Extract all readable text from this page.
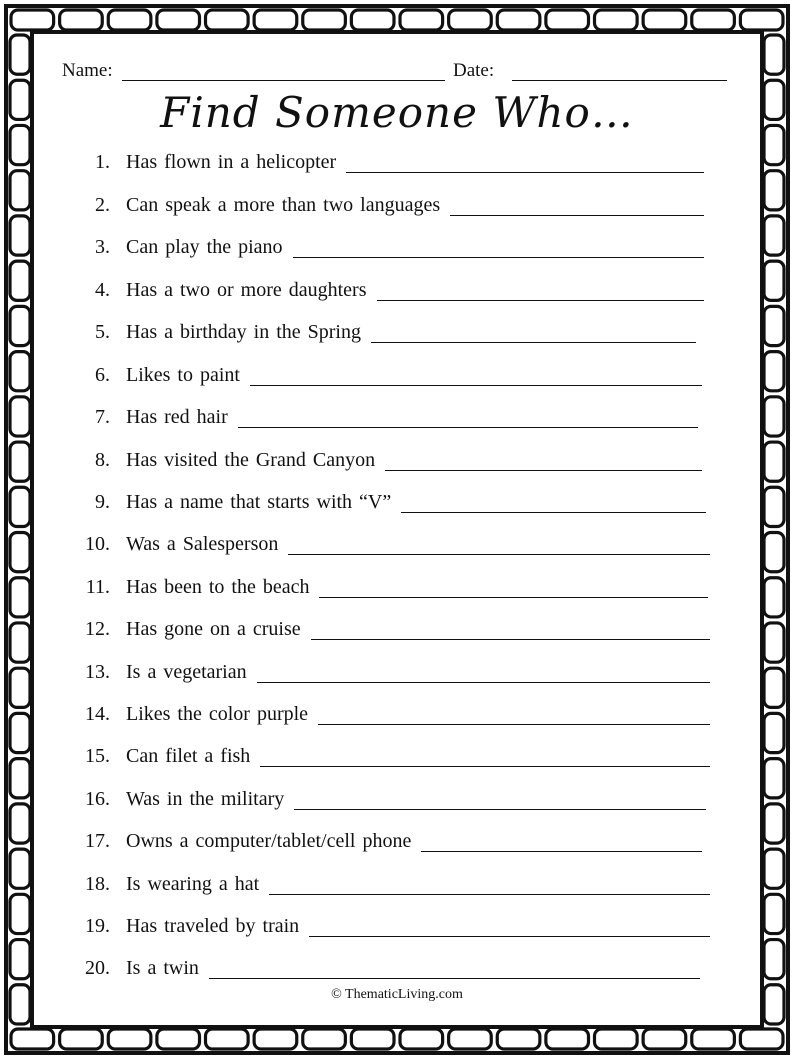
Name:	Date:
Find Someone Who…
1. Has flown in a helicopter
2. Can speak a more than two languages
3. Can play the piano
4. Has a two or more daughters
5. Has a birthday in the Spring
6. Likes to paint
7. Has red hair
8. Has visited the Grand Canyon
9. Has a name that starts with “V”
10. Was a Salesperson
11. Has been to the beach
12. Has gone on a cruise
13. Is a vegetarian
14. Likes the color purple
15. Can filet a fish
16. Was in the military
17. Owns a computer/tablet/cell phone
18. Is wearing a hat
19. Has traveled by train
20. Is a twin
© ThematicLiving.com
